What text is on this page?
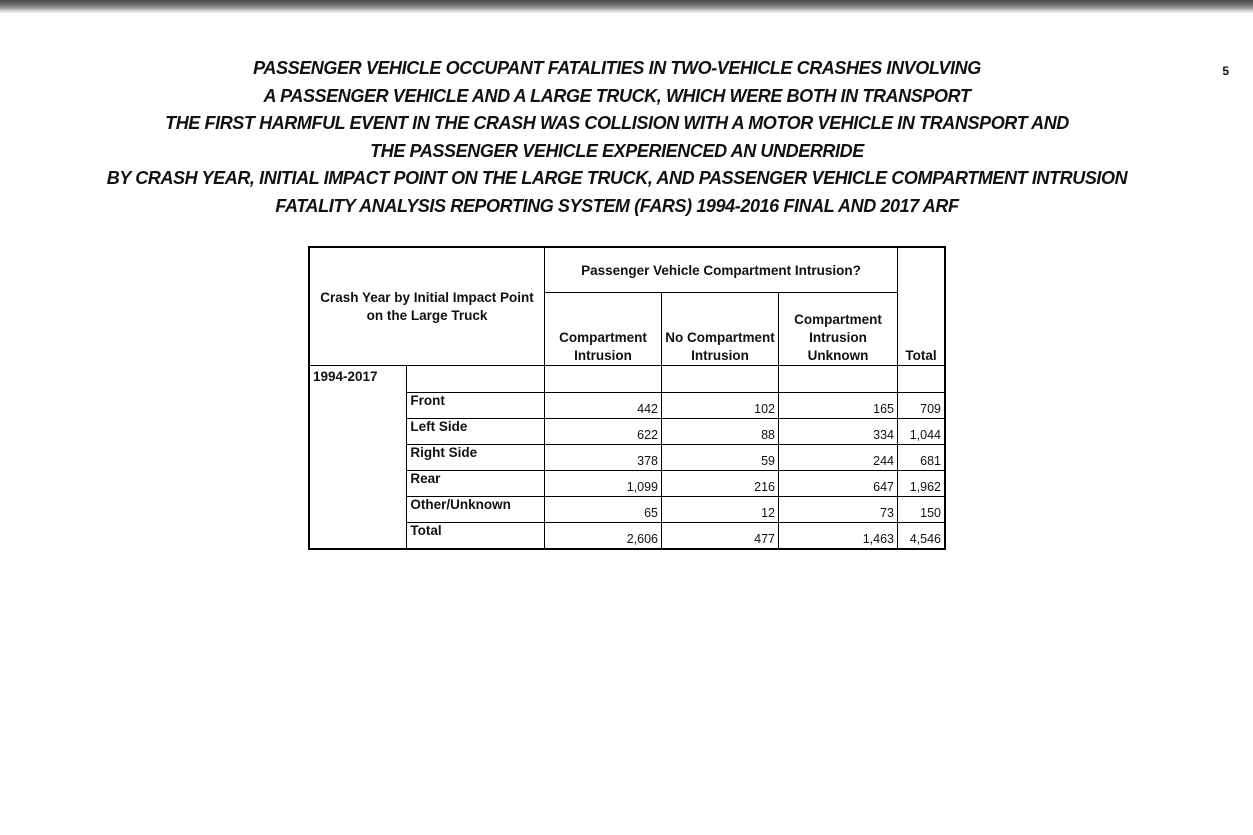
5
PASSENGER VEHICLE OCCUPANT FATALITIES IN TWO-VEHICLE CRASHES INVOLVING
A PASSENGER VEHICLE AND A LARGE TRUCK, WHICH WERE BOTH IN TRANSPORT
THE FIRST HARMFUL EVENT IN THE CRASH WAS COLLISION WITH A MOTOR VEHICLE IN TRANSPORT AND
THE PASSENGER VEHICLE EXPERIENCED AN UNDERRIDE
BY CRASH YEAR, INITIAL IMPACT POINT ON THE LARGE TRUCK, AND PASSENGER VEHICLE COMPARTMENT INTRUSION
FATALITY ANALYSIS REPORTING SYSTEM (FARS) 1994-2016 FINAL AND 2017 ARF
Crash Year by Initial Impact Point on the Large Truck		Passenger Vehicle Compartment Intrusion?			Total
		Compartment Intrusion	No Compartment Intrusion	Compartment Intrusion Unknown	
1994-2017					
	Front	442	102	165	709
	Left Side	622	88	334	1,044
	Right Side	378	59	244	681
	Rear	1,099	216	647	1,962
	Other/Unknown	65	12	73	150
	Total	2,606	477	1,463	4,546
